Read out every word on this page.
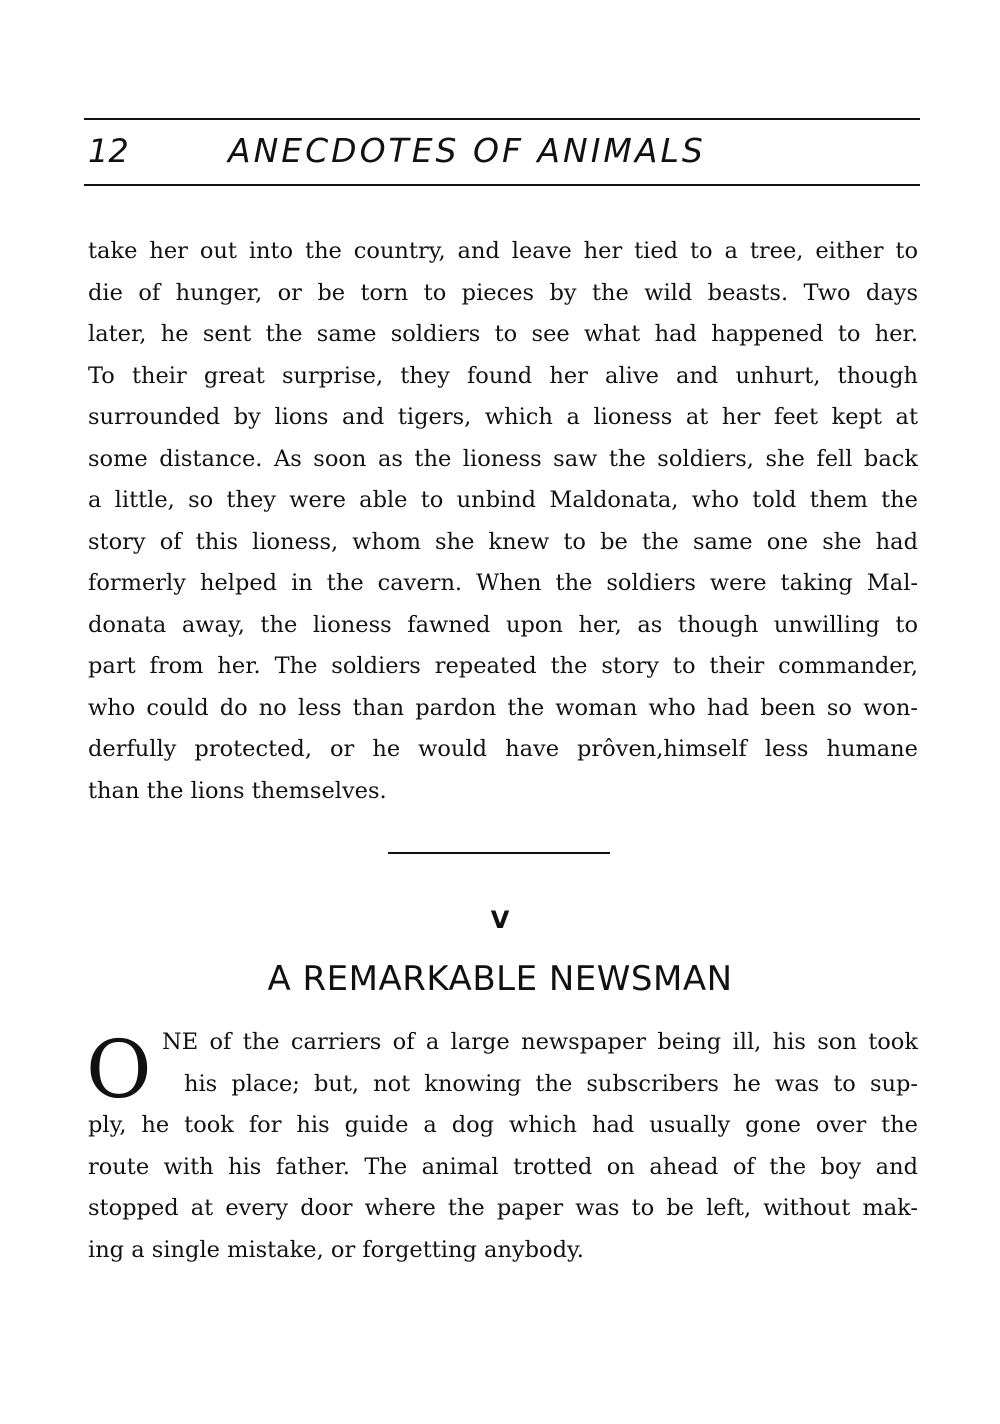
12	ANECDOTES OF ANIMALS
take her out into the country, and leave her tied to a tree, either to
die of hunger, or be torn to pieces by the wild beasts. Two days
later, he sent the same soldiers to see what had happened to her.
To their great surprise, they found her alive and unhurt, though
surrounded by lions and tigers, which a lioness at her feet kept at
some distance. As soon as the lioness saw the soldiers, she fell back
a little, so they were able to unbind Maldonata, who told them the
story of this lioness, whom she knew to be the same one she had
formerly helped in the cavern. When the soldiers were taking Mal-
donata away, the lioness fawned upon her, as though unwilling to
part from her. The soldiers repeated the story to their commander,
who could do no less than pardon the woman who had been so won-
derfully protected, or he would have prôven,himself less humane
than the lions themselves.
V
A REMARKABLE NEWSMAN
O NE of the carriers of a large newspaper being ill, his son took
his place; but, not knowing the subscribers he was to sup-
ply, he took for his guide a dog which had usually gone over the
route with his father. The animal trotted on ahead of the boy and
stopped at every door where the paper was to be left, without mak-
ing a single mistake, or forgetting anybody.
